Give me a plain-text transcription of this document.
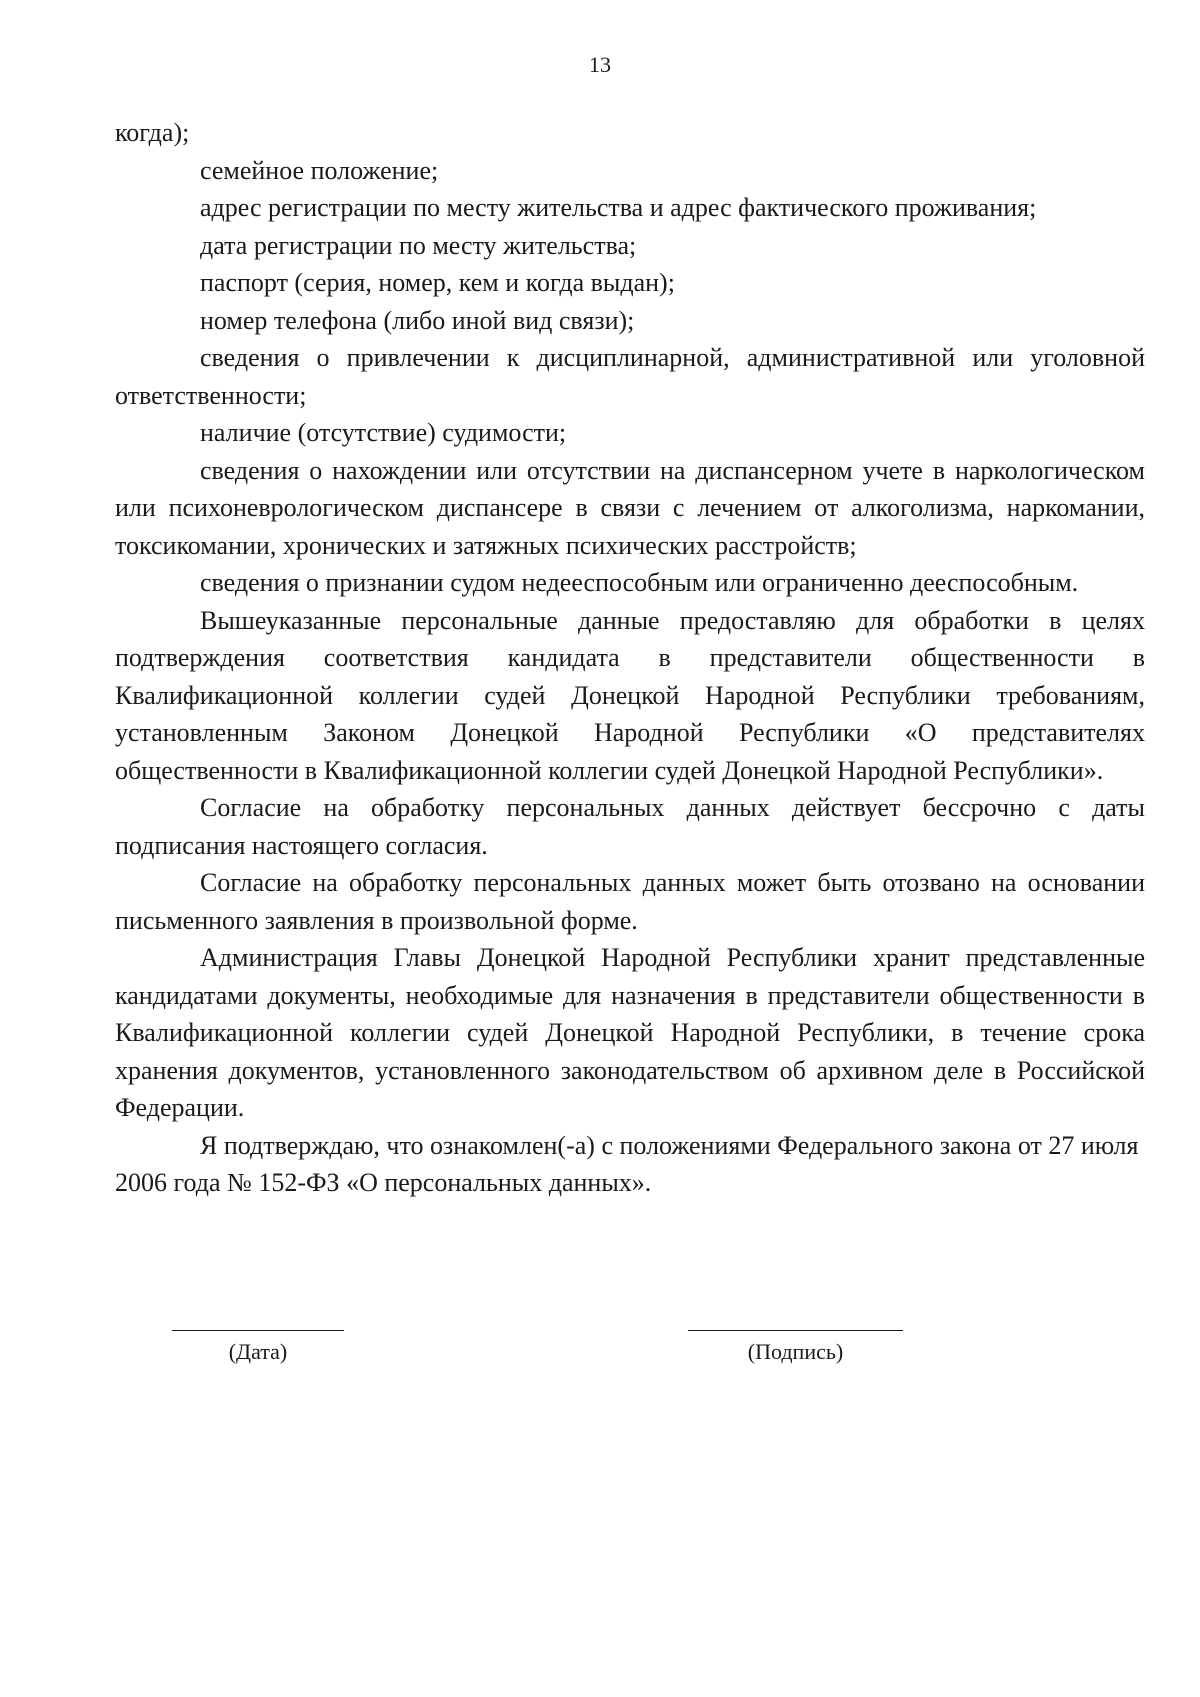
13

когда);

семейное положение;

адрес регистрации по месту жительства и адрес фактического проживания;

дата регистрации по месту жительства;

паспорт (серия, номер, кем и когда выдан);

номер телефона (либо иной вид связи);

сведения о привлечении к дисциплинарной, административной или уголовной ответственности;

наличие (отсутствие) судимости;

сведения о нахождении или отсутствии на диспансерном учете в наркологическом или психоневрологическом диспансере в связи с лечением от алкоголизма, наркомании, токсикомании, хронических и затяжных психических расстройств;

сведения о признании судом недееспособным или ограниченно дееспособным.

Вышеуказанные персональные данные предоставляю для обработки в целях подтверждения соответствия кандидата в представители общественности в Квалификационной коллегии судей Донецкой Народной Республики требованиям, установленным Законом Донецкой Народной Республики «О представителях общественности в Квалификационной коллегии судей Донецкой Народной Республики».

Согласие на обработку персональных данных действует бессрочно с даты подписания настоящего согласия.

Согласие на обработку персональных данных может быть отозвано на основании письменного заявления в произвольной форме.

Администрация Главы Донецкой Народной Республики хранит представленные кандидатами документы, необходимые для назначения в представители общественности в Квалификационной коллегии судей Донецкой Народной Республики, в течение срока хранения документов, установленного законодательством об архивном деле в Российской Федерации.

Я подтверждаю, что ознакомлен(-а) с положениями Федерального закона от 27 июля 2006 года № 152-ФЗ «О персональных данных».

(Дата)	(Подпись)
